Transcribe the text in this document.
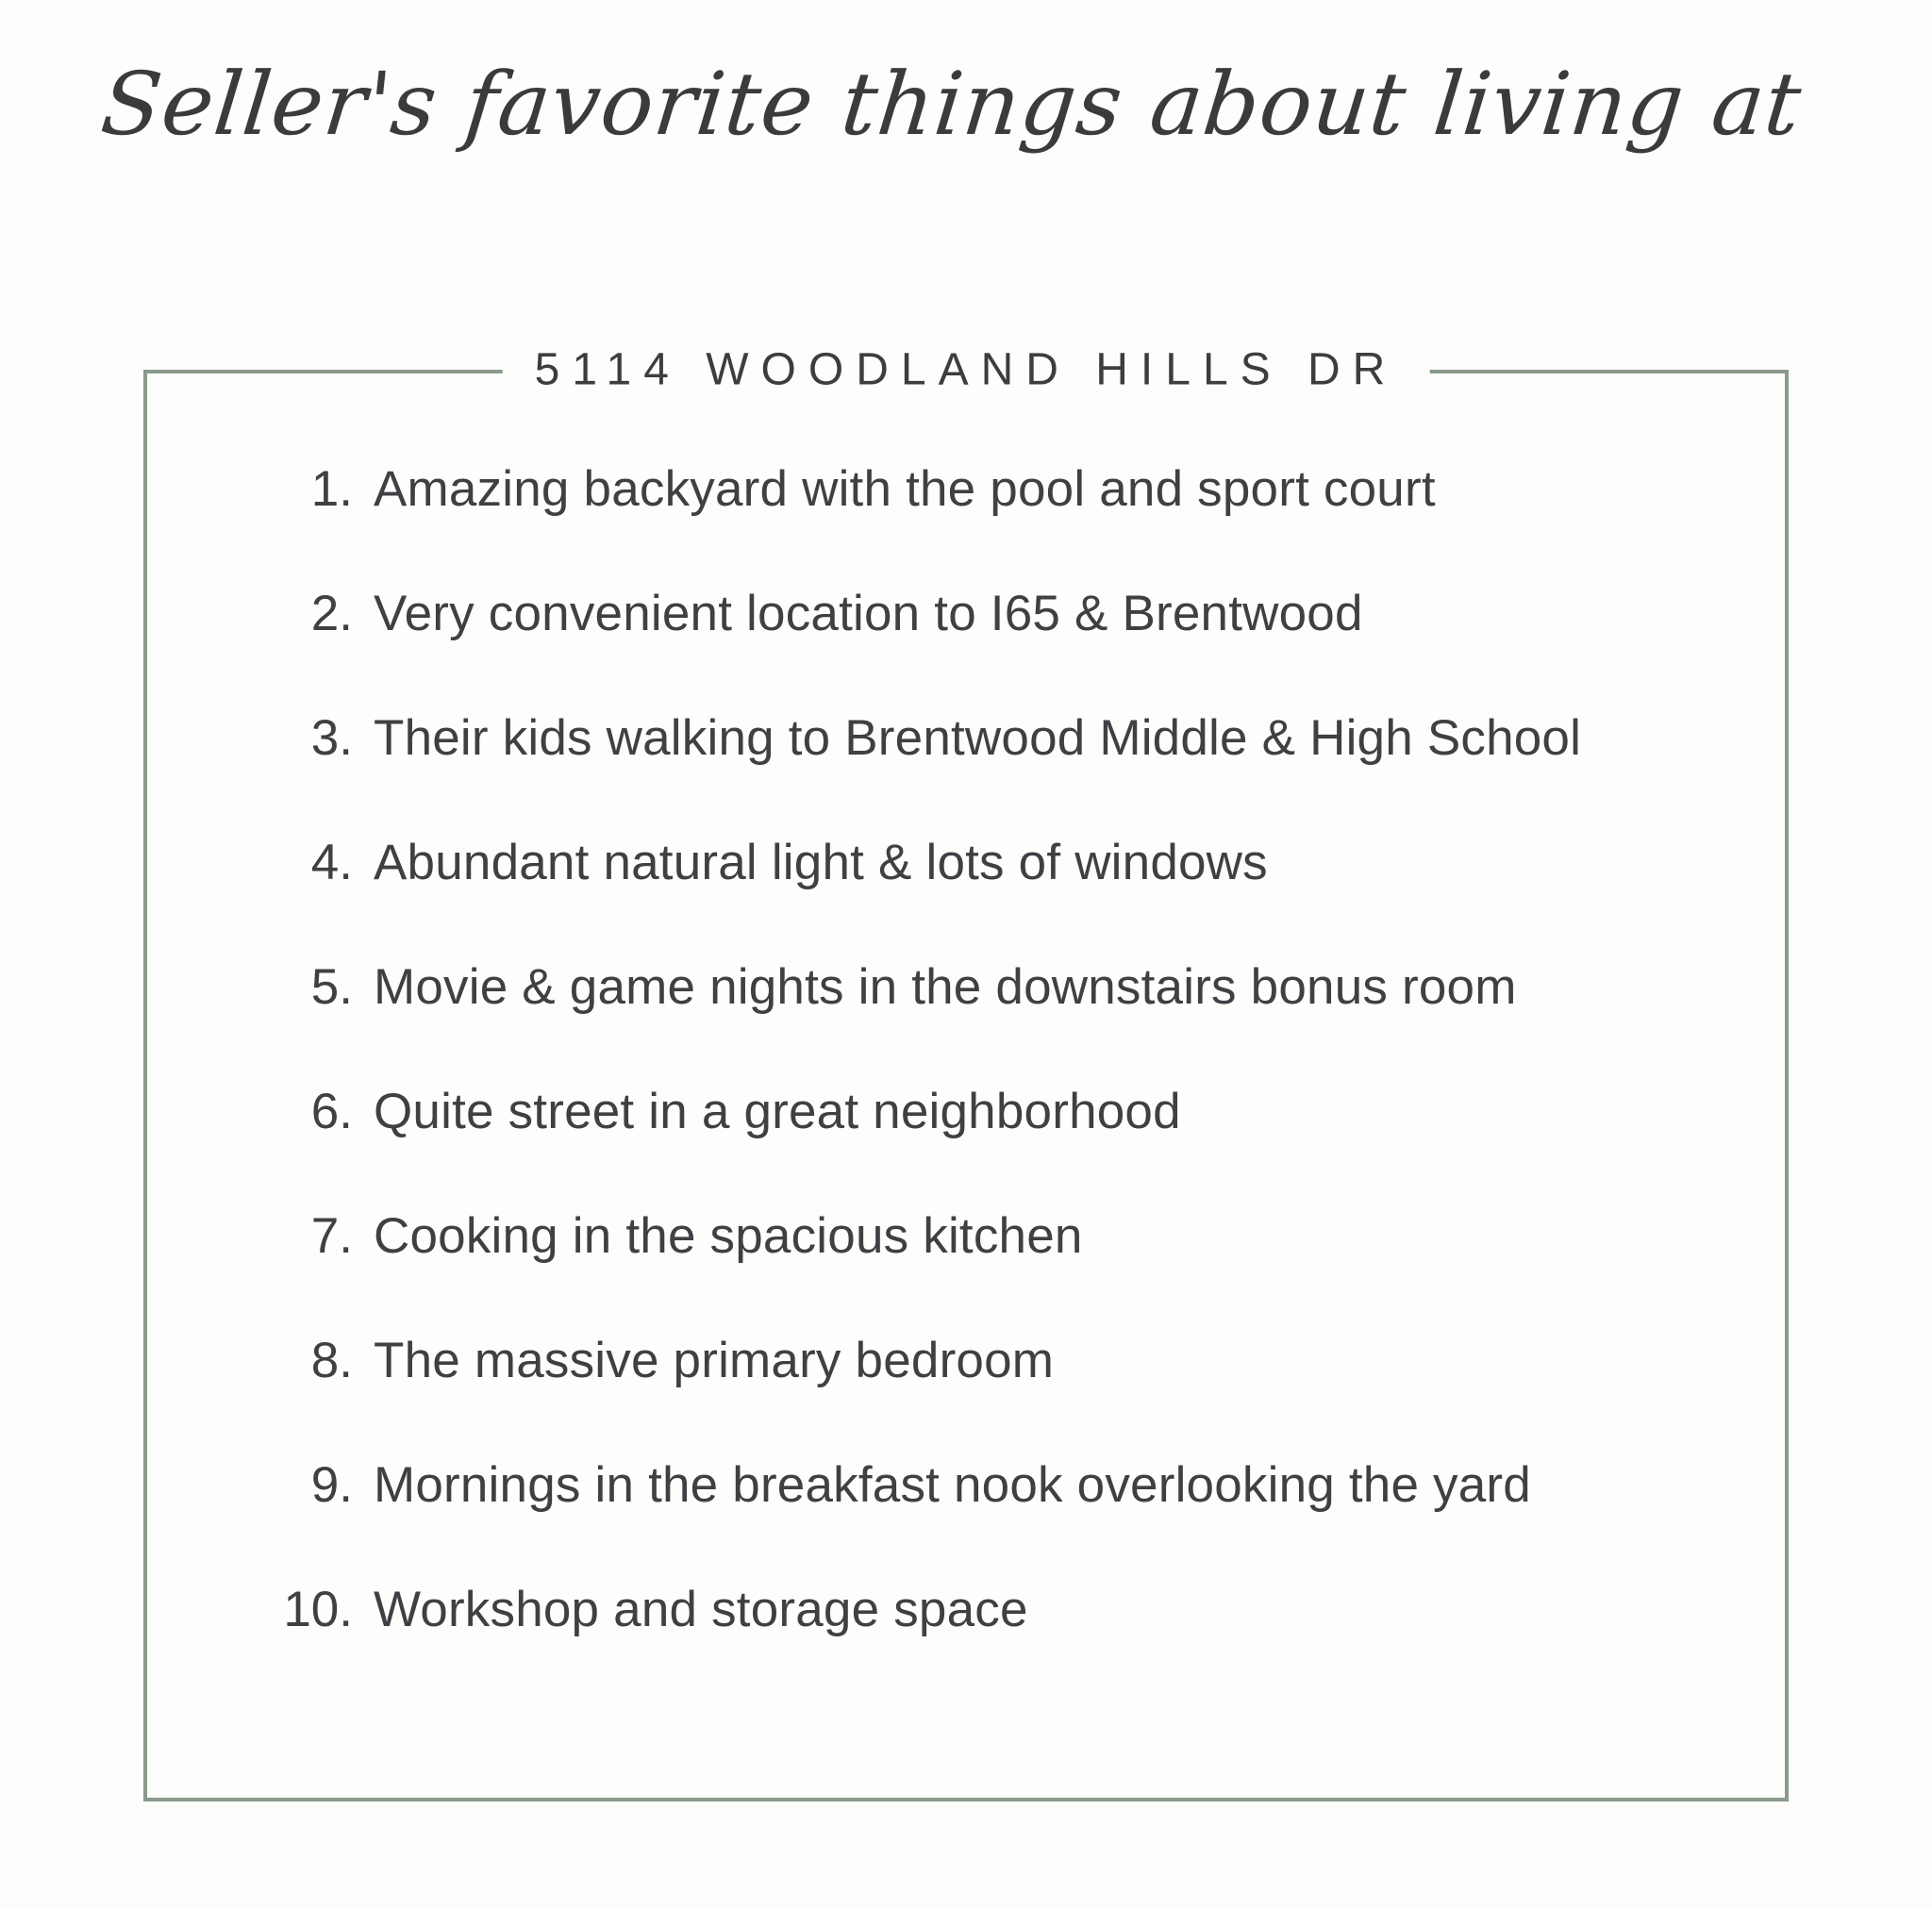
Seller's favorite things about living at
5114 WOODLAND HILLS DR
1. Amazing backyard with the pool and sport court
2. Very convenient location to I65 & Brentwood
3. Their kids walking to Brentwood Middle & High School
4. Abundant natural light & lots of windows
5. Movie & game nights in the downstairs bonus room
6. Quite street in a great neighborhood
7. Cooking in the spacious kitchen
8. The massive primary bedroom
9. Mornings in the breakfast nook overlooking the yard
10. Workshop and storage space
